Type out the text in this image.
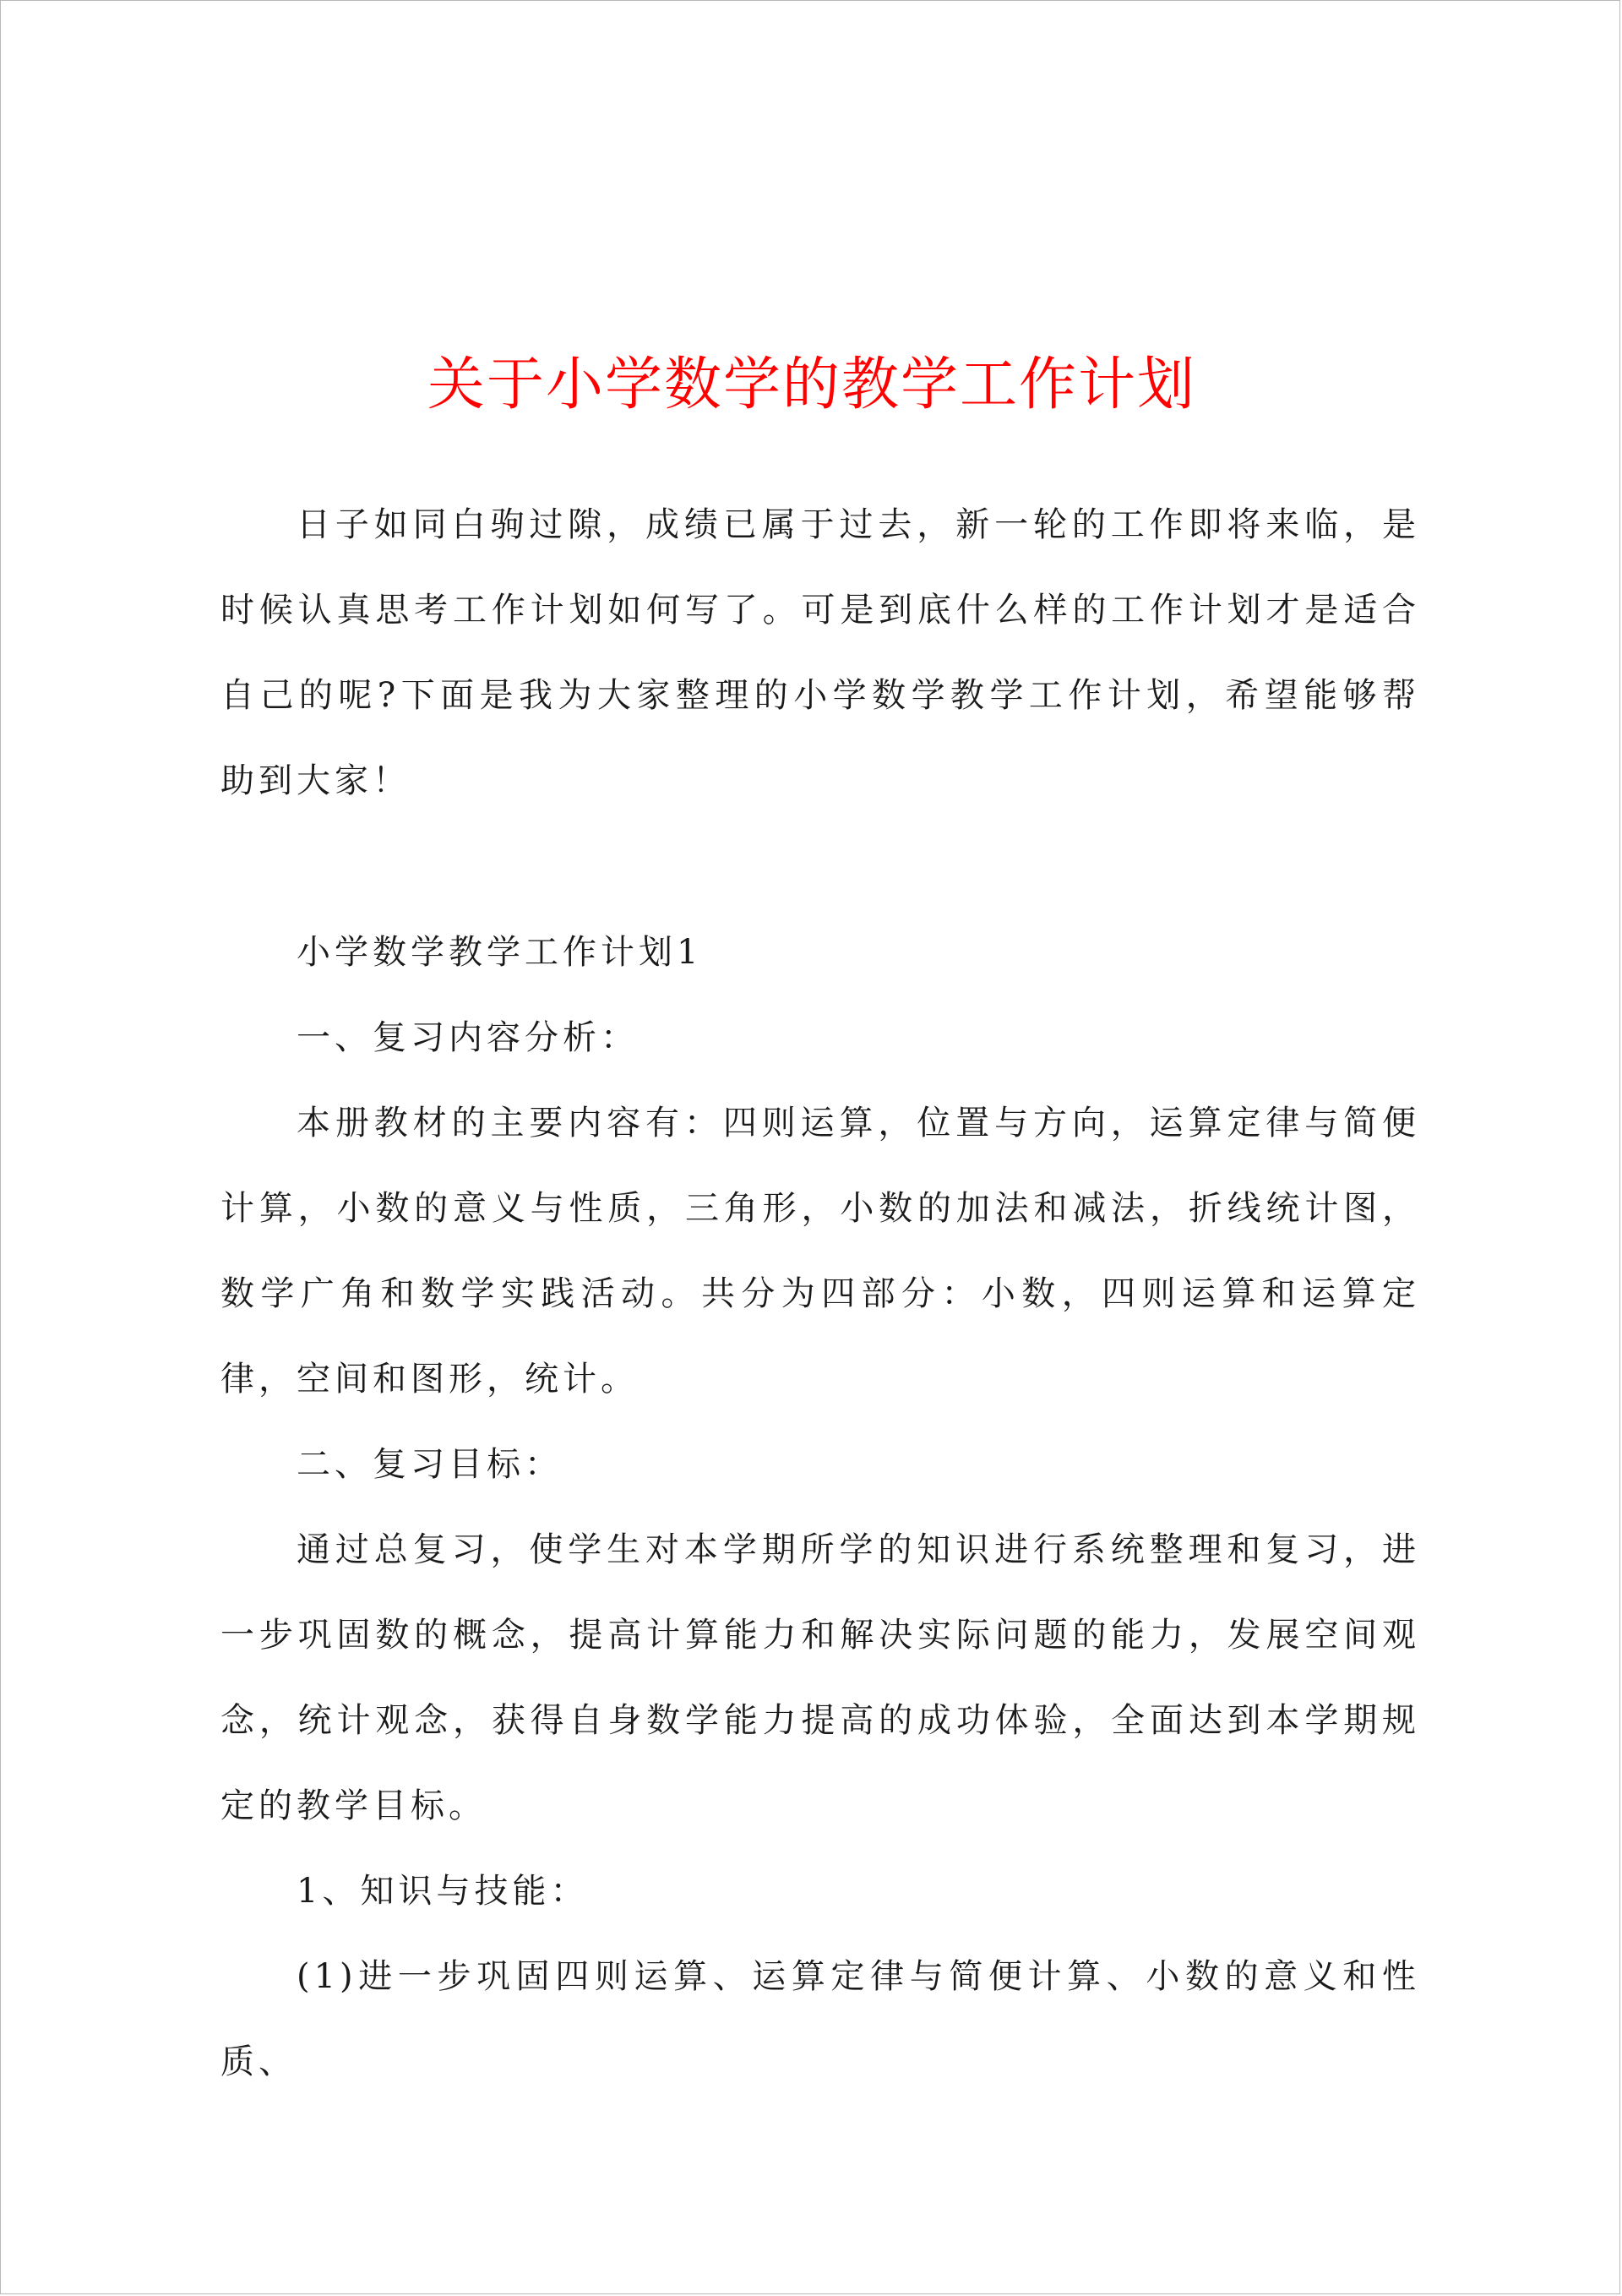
关于小学数学的教学工作计划

日子如同白驹过隙，成绩已属于过去，新一轮的工作即将来临，是时候认真思考工作计划如何写了。可是到底什么样的工作计划才是适合自己的呢?下面是我为大家整理的小学数学教学工作计划，希望能够帮助到大家！

小学数学教学工作计划1

一、复习内容分析：

本册教材的主要内容有：四则运算，位置与方向，运算定律与简便计算，小数的意义与性质，三角形，小数的加法和减法，折线统计图，数学广角和数学实践活动。共分为四部分：小数，四则运算和运算定律，空间和图形，统计。

二、复习目标：

通过总复习，使学生对本学期所学的知识进行系统整理和复习，进一步巩固数的概念，提高计算能力和解决实际问题的能力，发展空间观念，统计观念，获得自身数学能力提高的成功体验，全面达到本学期规定的教学目标。

1、知识与技能：

(1)进一步巩固四则运算、运算定律与简便计算、小数的意义和性质、
